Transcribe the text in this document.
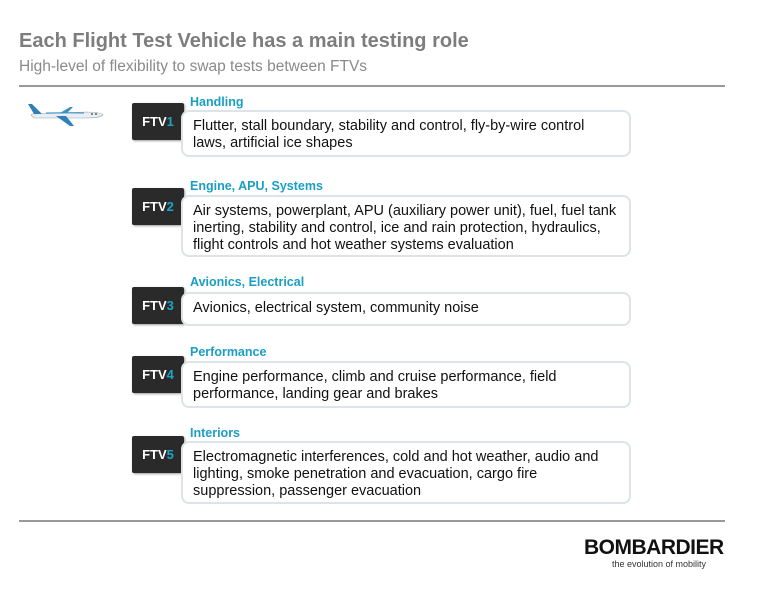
Each Flight Test Vehicle has a main testing role
High-level of flexibility to swap tests between FTVs
Handling
FTV1	Flutter, stall boundary, stability and control, fly-by-wire control laws, artificial ice shapes
Engine, APU, Systems
FTV2	Air systems, powerplant, APU (auxiliary power unit), fuel, fuel tank inerting, stability and control, ice and rain protection, hydraulics, flight controls and hot weather systems evaluation
Avionics, Electrical
FTV3	Avionics, electrical system, community noise
Performance
FTV4	Engine performance, climb and cruise performance, field performance, landing gear and brakes
Interiors
FTV5	Electromagnetic interferences, cold and hot weather, audio and lighting, smoke penetration and evacuation, cargo fire suppression, passenger evacuation
BOMBARDIER
the evolution of mobility
